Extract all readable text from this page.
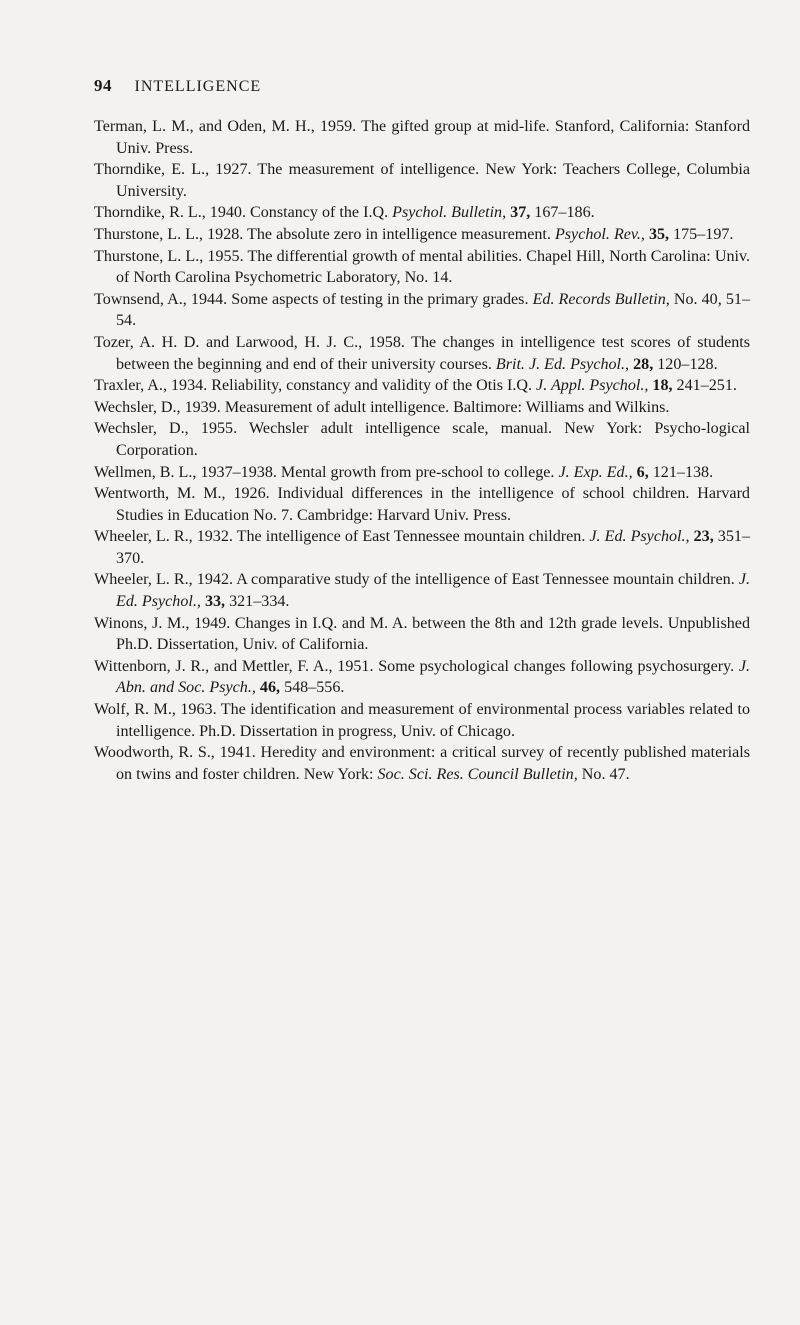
94 INTELLIGENCE
Terman, L. M., and Oden, M. H., 1959. The gifted group at mid-life. Stanford, California: Stanford Univ. Press.
Thorndike, E. L., 1927. The measurement of intelligence. New York: Teachers College, Columbia University.
Thorndike, R. L., 1940. Constancy of the I.Q. Psychol. Bulletin, 37, 167–186.
Thurstone, L. L., 1928. The absolute zero in intelligence measurement. Psychol. Rev., 35, 175–197.
Thurstone, L. L., 1955. The differential growth of mental abilities. Chapel Hill, North Carolina: Univ. of North Carolina Psychometric Laboratory, No. 14.
Townsend, A., 1944. Some aspects of testing in the primary grades. Ed. Records Bulletin, No. 40, 51–54.
Tozer, A. H. D. and Larwood, H. J. C., 1958. The changes in intelligence test scores of students between the beginning and end of their university courses. Brit. J. Ed. Psychol., 28, 120–128.
Traxler, A., 1934. Reliability, constancy and validity of the Otis I.Q. J. Appl. Psychol., 18, 241–251.
Wechsler, D., 1939. Measurement of adult intelligence. Baltimore: Williams and Wilkins.
Wechsler, D., 1955. Wechsler adult intelligence scale, manual. New York: Psycho-logical Corporation.
Wellmen, B. L., 1937–1938. Mental growth from pre-school to college. J. Exp. Ed., 6, 121–138.
Wentworth, M. M., 1926. Individual differences in the intelligence of school children. Harvard Studies in Education No. 7. Cambridge: Harvard Univ. Press.
Wheeler, L. R., 1932. The intelligence of East Tennessee mountain children. J. Ed. Psychol., 23, 351–370.
Wheeler, L. R., 1942. A comparative study of the intelligence of East Tennessee mountain children. J. Ed. Psychol., 33, 321–334.
Winons, J. M., 1949. Changes in I.Q. and M. A. between the 8th and 12th grade levels. Unpublished Ph.D. Dissertation, Univ. of California.
Wittenborn, J. R., and Mettler, F. A., 1951. Some psychological changes following psychosurgery. J. Abn. and Soc. Psych., 46, 548–556.
Wolf, R. M., 1963. The identification and measurement of environmental process variables related to intelligence. Ph.D. Dissertation in progress, Univ. of Chicago.
Woodworth, R. S., 1941. Heredity and environment: a critical survey of recently published materials on twins and foster children. New York: Soc. Sci. Res. Council Bulletin, No. 47.
